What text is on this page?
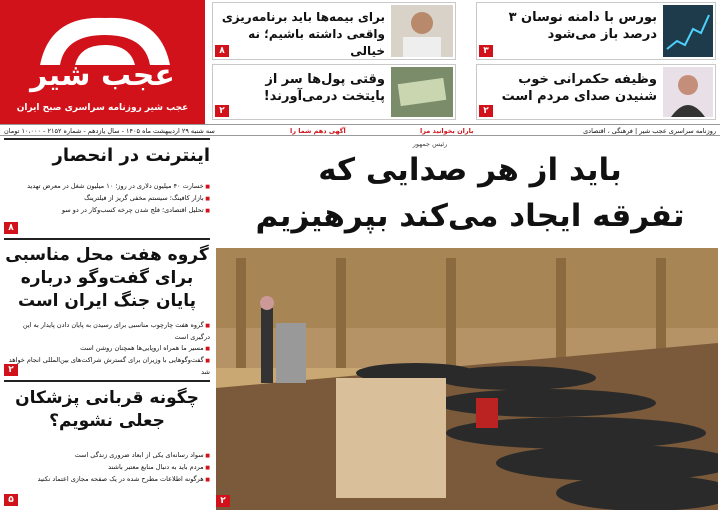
عجب شیر
عجب شیر روزنامه سراسری صبح ایران
بورس با دامنه نوسان ۳ درصد باز می‌شود
۳
برای بیمه‌ها باید برنامه‌ریزی واقعی داشته باشیم؛ نه خیالی
۸
وظیفه حکمرانی خوب شنیدن صدای مردم است
۲
وقتی پول‌ها سر از پایتخت درمی‌آورند!
۲
سه شنبه ۲۹ اردیبهشت ماه ۱۴۰۵ - سال یازدهم - شماره ۲۱۵۲ - ۱۰،۰۰۰ تومان	آگهی دهم شما را	باران بخوانید مرا	روزنامه سراسری عجب شیر | فرهنگی ، اقتصادی
رئیس جمهور
باید از هر صدایی که
تفرقه ایجاد می‌کند بپرهیزیم
۲
اینترنت در انحصار
■ خسارت ۴۰ میلیون دلاری در روز؛ ۱۰ میلیون شغل در معرض تهدید
■ بازار کافینگ؛ سیستم مخفی گریز از فیلترینگ
■ تحلیل اقتصادی؛ فلج شدن چرخه کسب‌وکار در دو سو
۸
گروه هفت محل مناسبی برای گفت‌وگو درباره پایان جنگ ایران است
■ گروه هفت چارچوب مناسبی برای رسیدن به پایان دادن پایدار به این درگیری است
■ مسیر ما همراه اروپایی‌ها همچنان روشن است
■ گفت‌وگو‌هایی با وزیران برای گسترش شراکت‌های بین‌المللی انجام خواهد شد
۲
چگونه قربانی پزشکان جعلی نشویم؟
■ سواد رسانه‌ای یکی از ابعاد ضروری زندگی است
■ مردم باید به دنبال منابع معتبر باشند
■ هرگونه اطلاعات مطرح شده در یک صفحه مجازی اعتماد نکنید
۵
